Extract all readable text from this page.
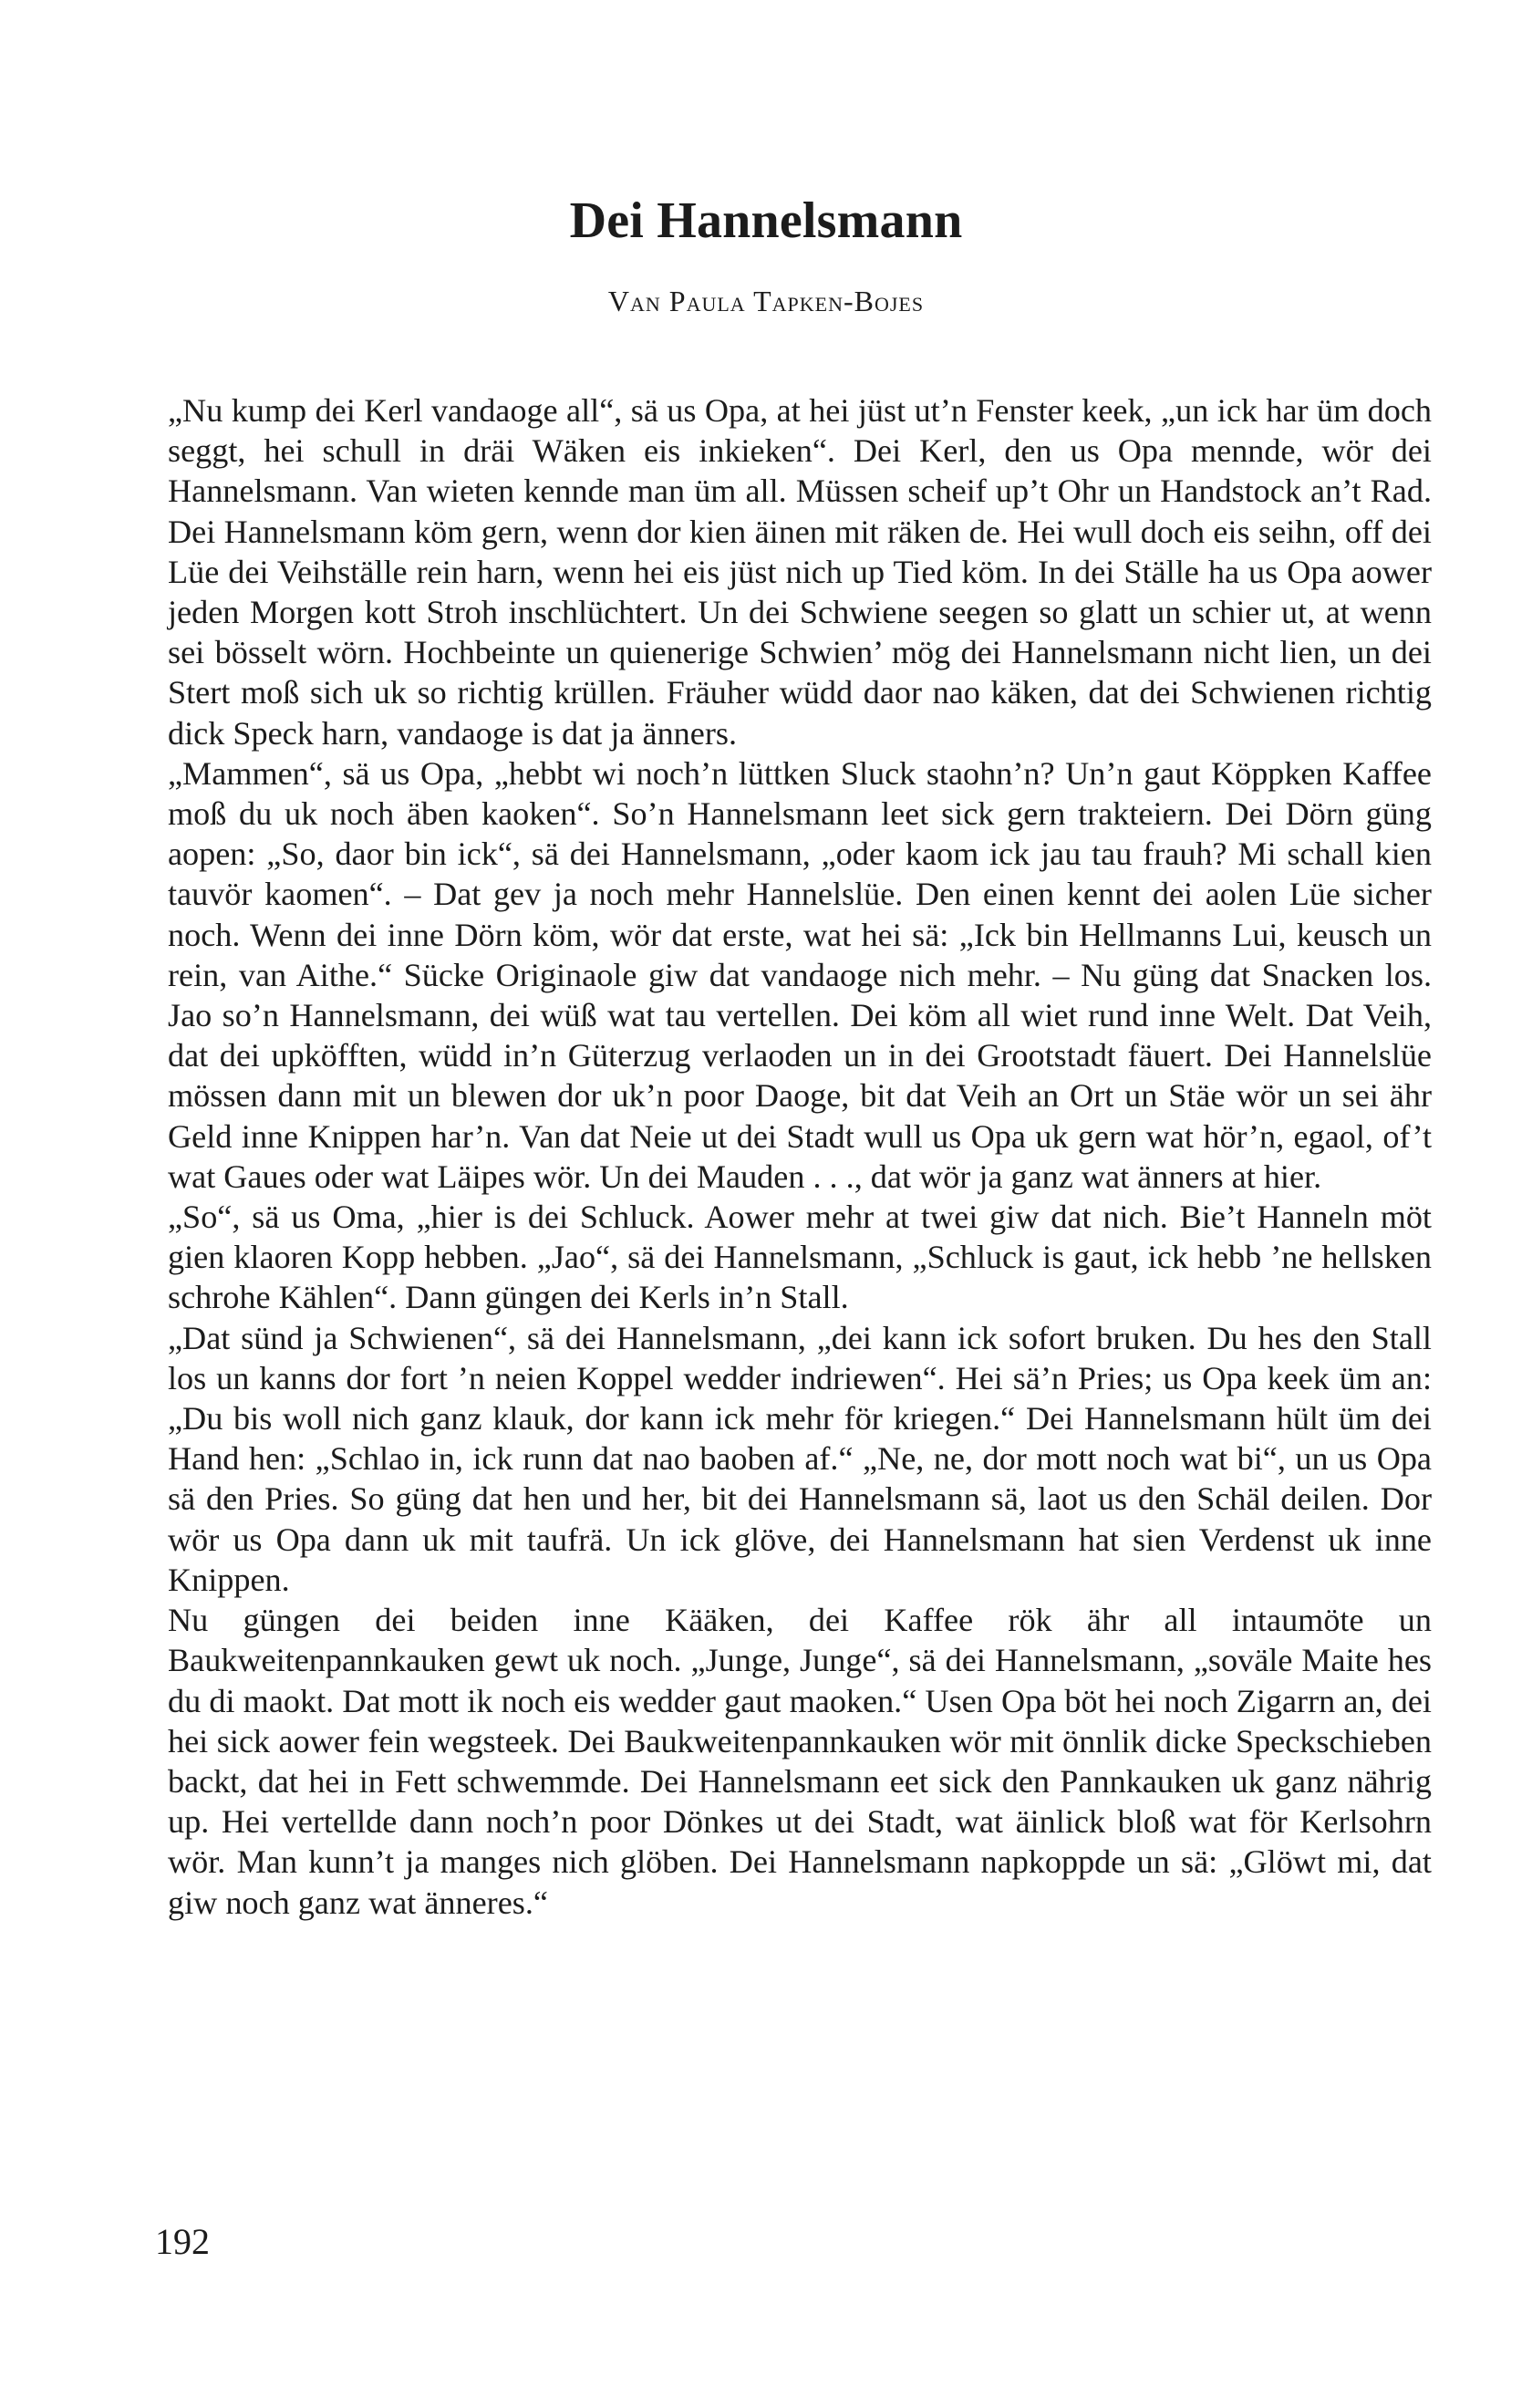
Dei Hannelsmann

Van Paula Tapken-Bojes

„Nu kump dei Kerl vandaoge all“, sä us Opa, at hei jüst ut’n Fenster keek, „un ick har üm doch seggt, hei schull in dräi Wäken eis inkieken“. Dei Kerl, den us Opa mennde, wör dei Hannelsmann. Van wieten kennde man üm all. Müssen scheif up’t Ohr un Handstock an’t Rad. Dei Hannelsmann köm gern, wenn dor kien äinen mit räken de. Hei wull doch eis seihn, off dei Lüe dei Veihställe rein harn, wenn hei eis jüst nich up Tied köm. In dei Ställe ha us Opa aower jeden Morgen kott Stroh inschlüchtert. Un dei Schwiene seegen so glatt un schier ut, at wenn sei bösselt wörn. Hochbeinte un quienerige Schwien’ mög dei Hannelsmann nicht lien, un dei Stert moß sich uk so richtig krüllen. Fräuher wüdd daor nao käken, dat dei Schwienen richtig dick Speck harn, vandaoge is dat ja änners.

„Mammen“, sä us Opa, „hebbt wi noch’n lüttken Sluck staohn’n? Un’n gaut Köppken Kaffee moß du uk noch äben kaoken“. So’n Hannelsmann leet sick gern trakteiern. Dei Dörn güng aopen: „So, daor bin ick“, sä dei Hannelsmann, „oder kaom ick jau tau frauh? Mi schall kien tauvör kaomen“. – Dat gev ja noch mehr Hannelslüe. Den einen kennt dei aolen Lüe sicher noch. Wenn dei inne Dörn köm, wör dat erste, wat hei sä: „Ick bin Hellmanns Lui, keusch un rein, van Aithe.“ Sücke Originaole giw dat vandaoge nich mehr. – Nu güng dat Snacken los. Jao so’n Hannelsmann, dei wüß wat tau vertellen. Dei köm all wiet rund inne Welt. Dat Veih, dat dei upköfften, wüdd in’n Güterzug verlaoden un in dei Grootstadt fäuert. Dei Hannelslüe mössen dann mit un blewen dor uk’n poor Daoge, bit dat Veih an Ort un Stäe wör un sei ähr Geld inne Knippen har’n. Van dat Neie ut dei Stadt wull us Opa uk gern wat hör’n, egaol, of’t wat Gaues oder wat Läipes wör. Un dei Mauden . . ., dat wör ja ganz wat änners at hier.

„So“, sä us Oma, „hier is dei Schluck. Aower mehr at twei giw dat nich. Bie’t Hanneln möt gien klaoren Kopp hebben. „Jao“, sä dei Hannelsmann, „Schluck is gaut, ick hebb ’ne hellsken schrohe Kählen“. Dann güngen dei Kerls in’n Stall.

„Dat sünd ja Schwienen“, sä dei Hannelsmann, „dei kann ick sofort bruken. Du hes den Stall los un kanns dor fort ’n neien Koppel wedder indriewen“. Hei sä’n Pries; us Opa keek üm an: „Du bis woll nich ganz klauk, dor kann ick mehr för kriegen.“ Dei Hannelsmann hült üm dei Hand hen: „Schlao in, ick runn dat nao baoben af.“ „Ne, ne, dor mott noch wat bi“, un us Opa sä den Pries. So güng dat hen und her, bit dei Hannelsmann sä, laot us den Schäl deilen. Dor wör us Opa dann uk mit taufrä. Un ick glöve, dei Hannelsmann hat sien Verdenst uk inne Knippen.

Nu güngen dei beiden inne Kääken, dei Kaffee rök ähr all intaumöte un Baukweitenpannkauken gewt uk noch. „Junge, Junge“, sä dei Hannelsmann, „soväle Maite hes du di maokt. Dat mott ik noch eis wedder gaut maoken.“ Usen Opa böt hei noch Zigarrn an, dei hei sick aower fein wegsteek. Dei Baukweitenpannkauken wör mit önnlik dicke Speckschieben backt, dat hei in Fett schwemmde. Dei Hannelsmann eet sick den Pannkauken uk ganz nährig up. Hei vertellde dann noch’n poor Dönkes ut dei Stadt, wat äinlick bloß wat för Kerlsohrn wör. Man kunn’t ja manges nich glöben. Dei Hannelsmann napkoppde un sä: „Glöwt mi, dat giw noch ganz wat änneres.“

192
